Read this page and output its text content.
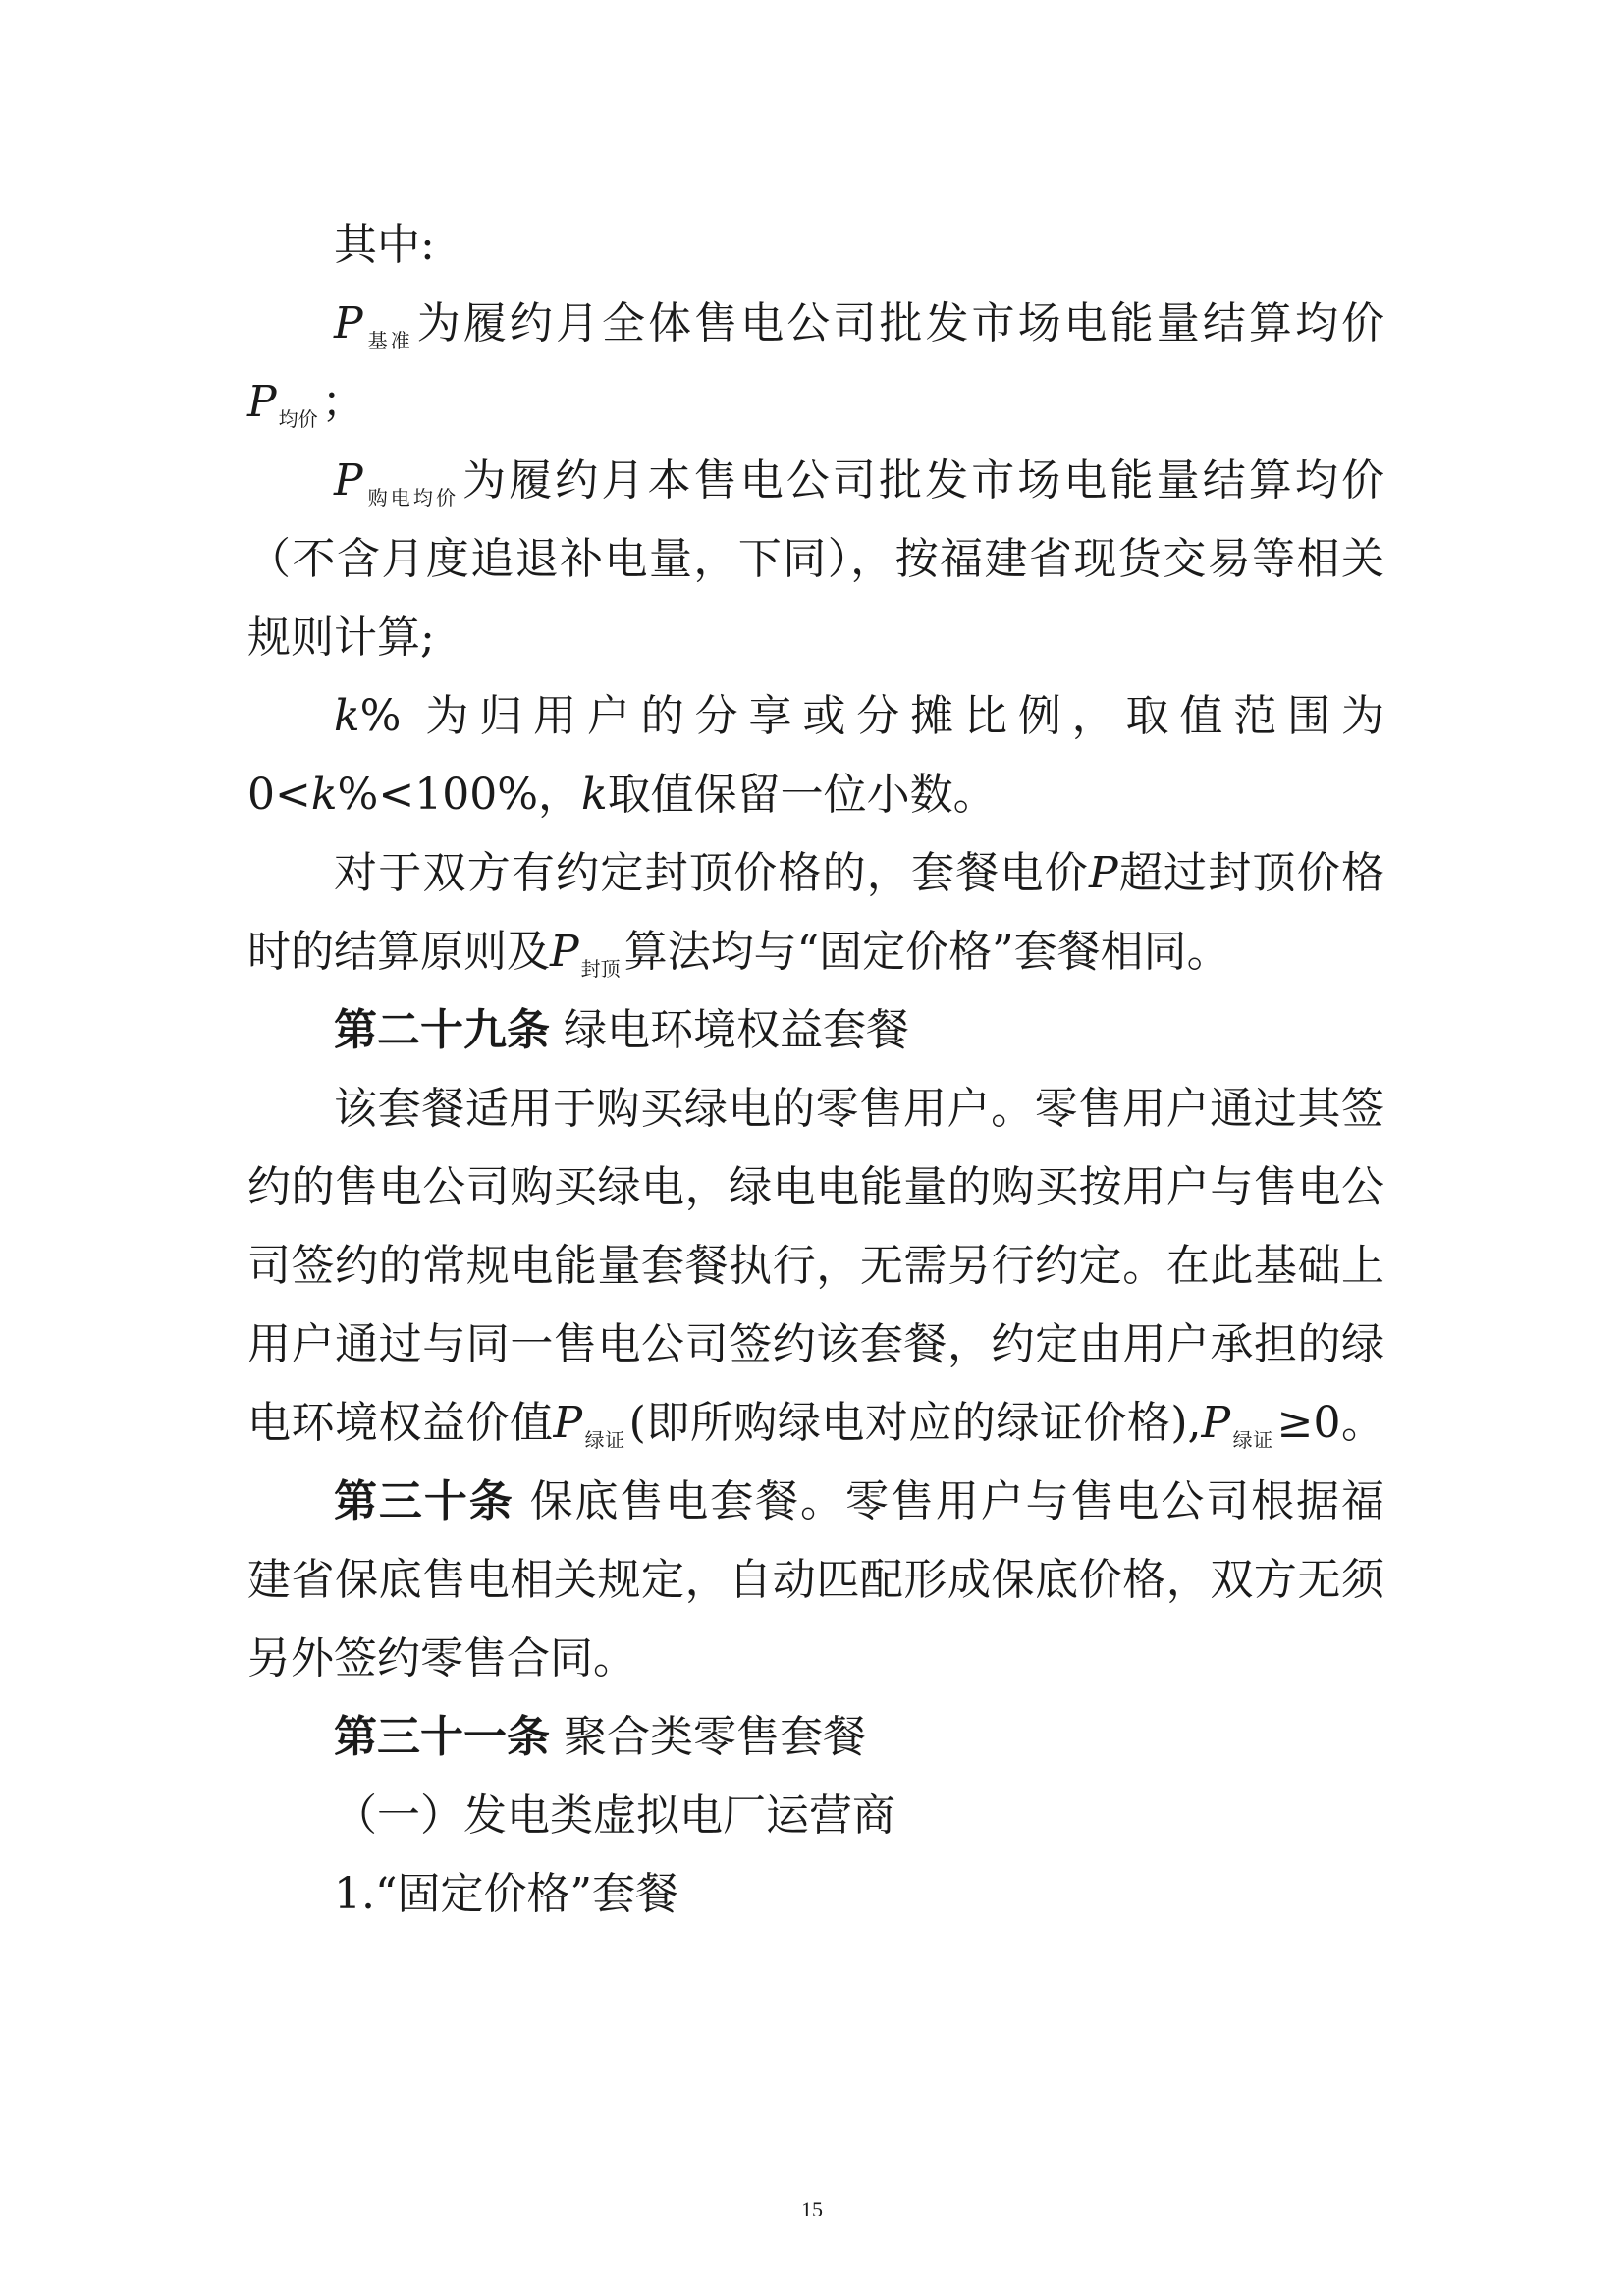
其中:
P $_{基准}$为履约月全体售电公司批发市场电能量结算均价
P $_{均价}$；
P $_{购电均价}$为履约月本售电公司批发市场电能量结算均价
（不含月度追退补电量，下同），按福建省现货交易等相关
规则计算;
k% 为归用户的分享或分摊比例，取值范围为
0<k%<100%，k取值保留一位小数。
对于双方有约定封顶价格的，套餐电价P超过封顶价格
时的结算原则及P $_{封顶}$算法均与“固定价格”套餐相同。
第二十九条 绿电环境权益套餐
该套餐适用于购买绿电的零售用户。零售用户通过其签
约的售电公司购买绿电，绿电电能量的购买按用户与售电公
司签约的常规电能量套餐执行，无需另行约定。在此基础上
用户通过与同一售电公司签约该套餐，约定由用户承担的绿
电环境权益价值P $_{绿证}$(即所购绿电对应的绿证价格),P $_{绿证}$≥0。
第三十条 保底售电套餐。零售用户与售电公司根据福
建省保底售电相关规定，自动匹配形成保底价格，双方无须
另外签约零售合同。
第三十一条 聚合类零售套餐
（一）发电类虚拟电厂运营商
1.“固定价格”套餐
15
